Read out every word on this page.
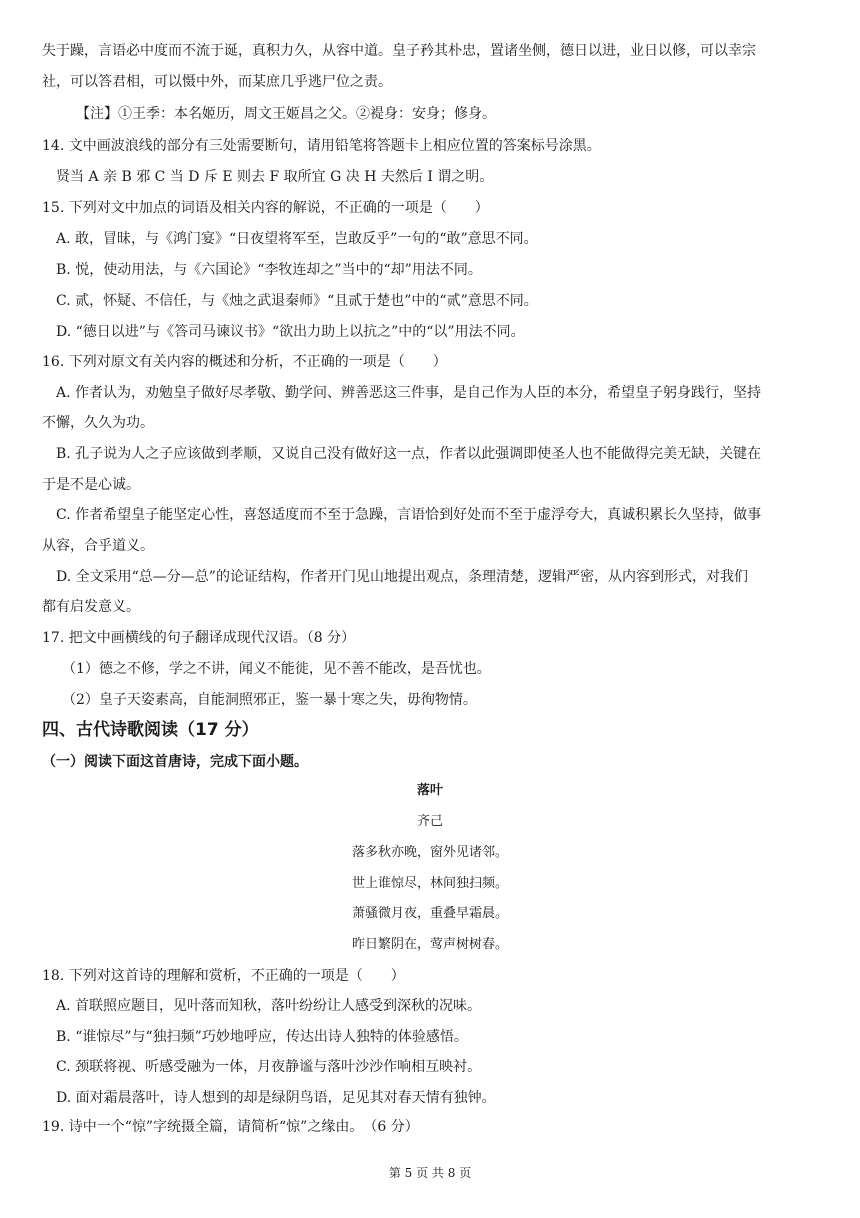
失于躁，言语必中度而不流于诞，真积力久，从容中道。皇子矜其朴忠，置诸坐侧，德日以进，业日以修，可以幸宗
社，可以答君相，可以慑中外，而某庶几乎逃尸位之责。
【注】①王季：本名姬历，周文王姬昌之父。②褆身：安身；修身。
14. 文中画波浪线的部分有三处需要断句，请用铅笔将答题卡上相应位置的答案标号涂黑。
贤当 A 亲 B 邪 C 当 D 斥 E 则去 F 取所宜 G 决 H 夫然后 I 谓之明。
15. 下列对文中加点的词语及相关内容的解说，不正确的一项是（　　）
A. 敢，冒昧，与《鸿门宴》“日夜望将军至，岂敢反乎”一句的“敢”意思不同。
B. 悦，使动用法，与《六国论》“李牧连却之”当中的“却”用法不同。
C. 贰，怀疑、不信任，与《烛之武退秦师》“且贰于楚也”中的“贰”意思不同。
D. “德日以进”与《答司马谏议书》“欲出力助上以抗之”中的“以”用法不同。
16. 下列对原文有关内容的概述和分析，不正确的一项是（　　）
A. 作者认为，劝勉皇子做好尽孝敬、勤学问、辨善恶这三件事，是自己作为人臣的本分，希望皇子躬身践行，坚持
不懈，久久为功。
B. 孔子说为人之子应该做到孝顺，又说自己没有做好这一点，作者以此强调即使圣人也不能做得完美无缺，关键在
于是不是心诚。
C. 作者希望皇子能坚定心性，喜怒适度而不至于急躁，言语恰到好处而不至于虚浮夸大，真诚积累长久坚持，做事
从容，合乎道义。
D. 全文采用“总—分—总”的论证结构，作者开门见山地提出观点，条理清楚，逻辑严密，从内容到形式，对我们
都有启发意义。
17. 把文中画横线的句子翻译成现代汉语。（8 分）
（1）德之不修，学之不讲，闻义不能徙，见不善不能改，是吾忧也。
（2）皇子天姿素高，自能洞照邪正，鉴一暴十寒之失，毋徇物情。
四、古代诗歌阅读（17 分）
（一）阅读下面这首唐诗，完成下面小题。
落叶
齐己
落多秋亦晚，窗外见诸邻。
世上谁惊尽，林间独扫频。
萧骚微月夜，重叠早霜晨。
昨日繁阴在，莺声树树春。
18. 下列对这首诗的理解和赏析，不正确的一项是（　　）
A. 首联照应题目，见叶落而知秋，落叶纷纷让人感受到深秋的况味。
B. “谁惊尽”与“独扫频”巧妙地呼应，传达出诗人独特的体验感悟。
C. 颈联将视、听感受融为一体，月夜静谧与落叶沙沙作响相互映衬。
D. 面对霜晨落叶，诗人想到的却是绿阴鸟语，足见其对春天情有独钟。
19. 诗中一个“惊”字统摄全篇，请简析“惊”之缘由。　（6 分）
第 5 页 共 8 页
